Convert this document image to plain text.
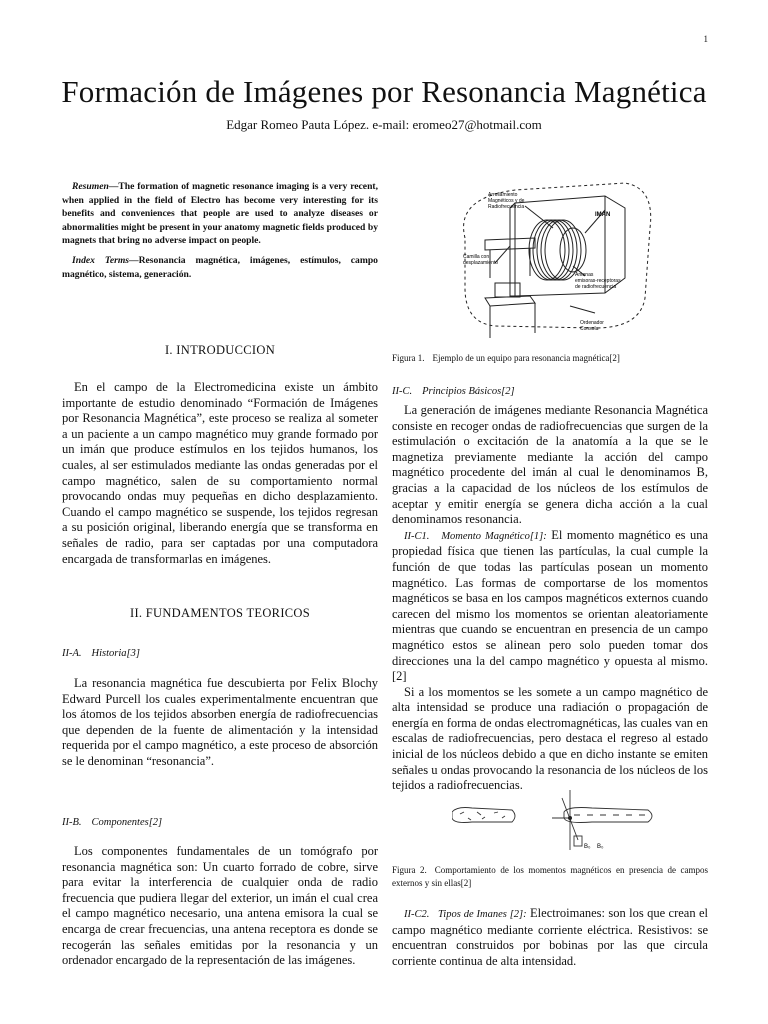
1
Formación de Imágenes por Resonancia Magnética
Edgar Romeo Pauta López. e-mail: eromeo27@hotmail.com

Resumen—The formation of magnetic resonance imaging is a very recent, when applied in the field of Electro has become very interesting for its benefits and conveniences that people are used to analyze diseases or abnormalities might be present in your anatomy magnetic fields produced by magnets that bring no adverse impact on people.

Index Terms—Resonancia magnética, imágenes, estímulos, campo magnético, sistema, generación.

I. INTRODUCCION

En el campo de la Electromedicina existe un ámbito importante de estudio denominado “Formación de Imágenes por Resonancia Magnética”, este proceso se realiza al someter a un paciente a un campo magnético muy grande formado por un imán que produce estímulos en los tejidos humanos, los cuales, al ser estimulados mediante las ondas generadas por el campo magnético, salen de su comportamiento normal provocando ondas muy pequeñas en dicho desplazamiento. Cuando el campo magnético se suspende, los tejidos regresan a su posición original, liberando energía que se transforma en señales de radio, para ser captadas por una computadora encargada de transformarlas en imágenes.

II. FUNDAMENTOS TEORICOS
II-A. Historia[3]

La resonancia magnética fue descubierta por Felix Blochy Edward Purcell los cuales experimentalmente encuentran que los átomos de los tejidos absorben energía de radiofrecuencias que dependen de la fuente de alimentación y la intensidad requerida por el campo magnético, a este proceso de absorción se le denominan “resonancia”.

II-B. Componentes[2]

Los componentes fundamentales de un tomógrafo por resonancia magnética son: Un cuarto forrado de cobre, sirve para evitar la interferencia de cualquier onda de radio frecuencia que pudiera llegar del exterior, un imán el cual crea el campo magnético necesario, una antena emisora la cual se encarga de crear frecuencias, una antena receptora es donde se recogerán las señales emitidas por la resonancia y un ordenador encargado de la representación de las imágenes.

Arrollamiento
Magnéticos y de
Radiofrecuencia
IMAN
Camilla con
desplazamiento
Antenas
emisoras-receptoras
de radiofrecuencia
Ordenador
Consola

Figura 1. Ejemplo de un equipo para resonancia magnética[2]

II-C. Principios Básicos[2]

La generación de imágenes mediante Resonancia Magnética consiste en recoger ondas de radiofrecuencias que surgen de la estimulación o excitación de la anatomía a la que se le magnetiza previamente mediante la acción del campo magnético procedente del imán al cual le denominamos B, gracias a la capacidad de los núcleos de los estímulos de aceptar y emitir energía se genera dicha acción a la cual denominamos resonancia.

II-C1. Momento Magnético[1]: El momento magnético es una propiedad física que tienen las partículas, la cual cumple la función de que todas las partículas posean un momento magnético. Las formas de comportarse de los momentos magnéticos se basa en los campos magnéticos externos cuando carecen del mismo los momentos se orientan aleatoriamente mientras que cuando se encuentran en presencia de un campo magnético estos se alinean pero solo pueden tomar dos direcciones una la del campo magnético y opuesta al mismo.[2]

Si a los momentos se les somete a un campo magnético de alta intensidad se produce una radiación o propagación de energía en forma de ondas electromagnéticas, las cuales van en escalas de radiofrecuencias, pero destaca el regreso al estado inicial de los núcleos debido a que en dicho instante se emiten señales u ondas provocando la resonancia de los núcleos de los tejidos a radiofrecuencias.

B₀ B₀

Figura 2. Comportamiento de los momentos magnéticos en presencia de campos externos y sin ellas[2]

II-C2. Tipos de Imanes [2]: Electroimanes: son los que crean el campo magnético mediante corriente eléctrica. Resistivos: se encuentran construidos por bobinas por las que circula corriente continua de alta intensidad.
